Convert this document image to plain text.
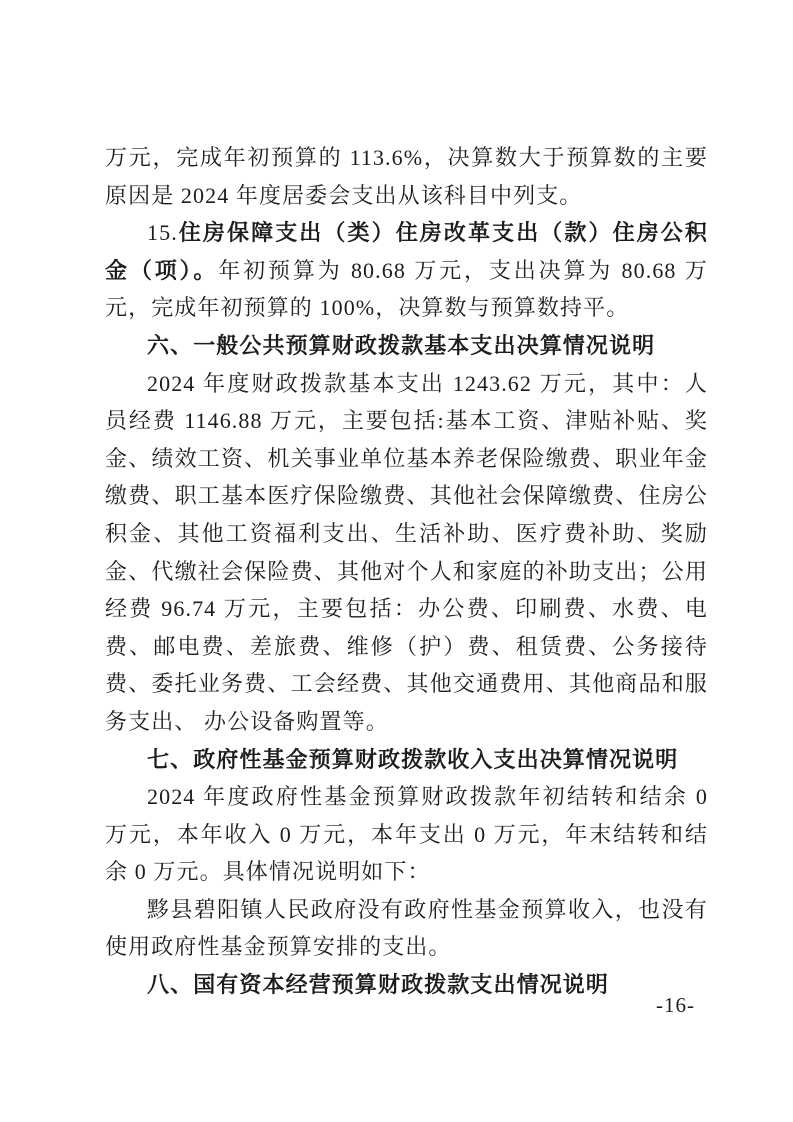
万元，完成年初预算的 113.6%，决算数大于预算数的主要原因是 2024 年度居委会支出从该科目中列支。

15.住房保障支出（类）住房改革支出（款）住房公积金（项）。年初预算为 80.68 万元，支出决算为 80.68 万元，完成年初预算的 100%，决算数与预算数持平。

六、一般公共预算财政拨款基本支出决算情况说明

2024 年度财政拨款基本支出 1243.62 万元，其中：人员经费 1146.88 万元，主要包括:基本工资、津贴补贴、奖金、绩效工资、机关事业单位基本养老保险缴费、职业年金缴费、职工基本医疗保险缴费、其他社会保障缴费、住房公积金、其他工资福利支出、生活补助、医疗费补助、奖励金、代缴社会保险费、其他对个人和家庭的补助支出；公用经费 96.74 万元，主要包括：办公费、印刷费、水费、电费、邮电费、差旅费、维修（护）费、租赁费、公务接待费、委托业务费、工会经费、其他交通费用、其他商品和服务支出、 办公设备购置等。

七、政府性基金预算财政拨款收入支出决算情况说明

2024 年度政府性基金预算财政拨款年初结转和结余 0 万元，本年收入 0 万元，本年支出 0 万元，年末结转和结余 0 万元。具体情况说明如下：

黟县碧阳镇人民政府没有政府性基金预算收入，也没有使用政府性基金预算安排的支出。

八、国有资本经营预算财政拨款支出情况说明

-16-
